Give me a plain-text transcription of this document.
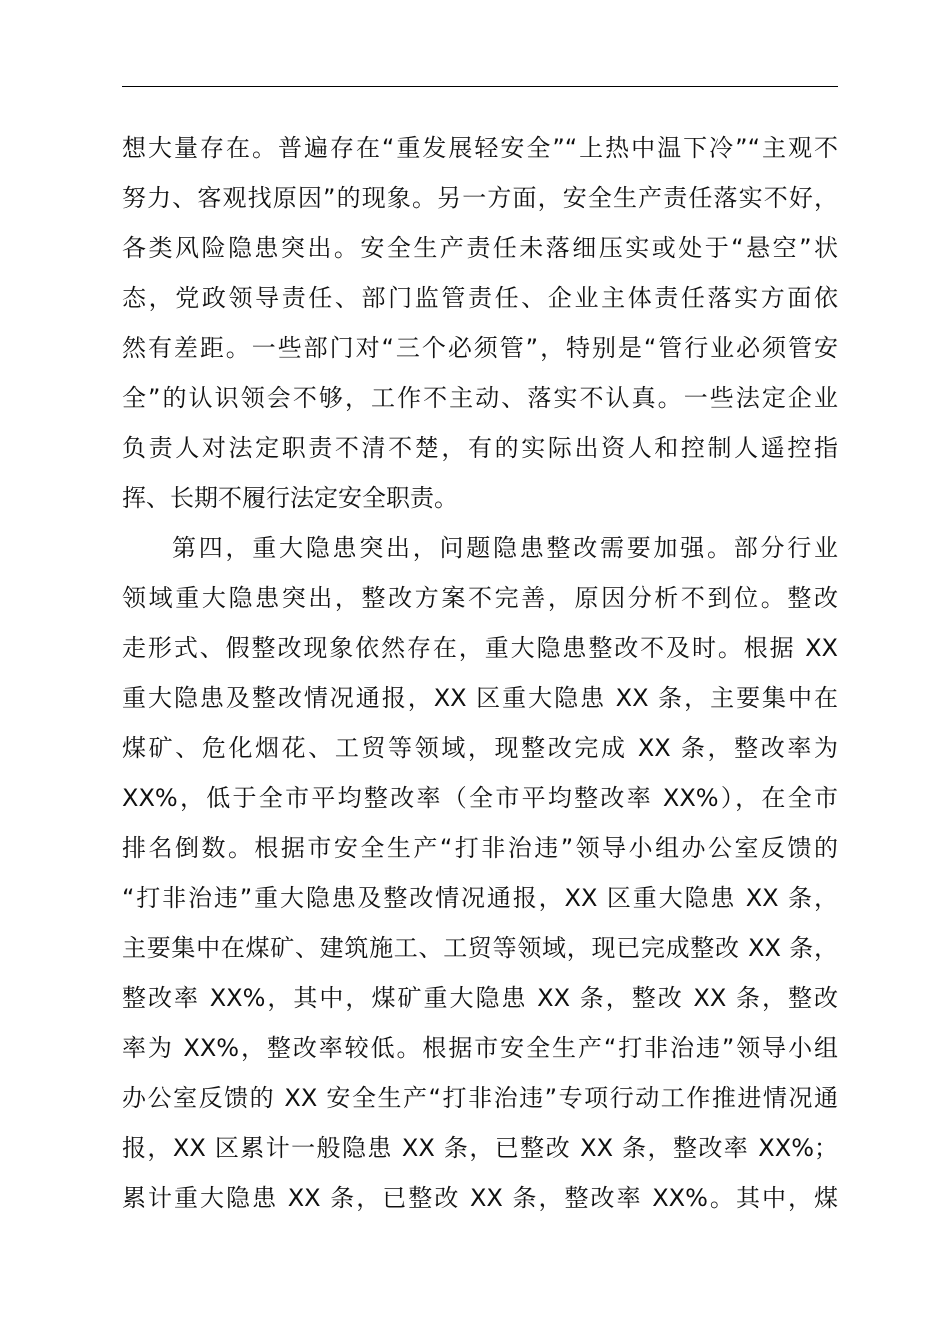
想大量存在。普遍存在“重发展轻安全”“上热中温下冷”“主观不
努力、客观找原因”的现象。另一方面，安全生产责任落实不好，
各类风险隐患突出。安全生产责任未落细压实或处于“悬空”状
态，党政领导责任、部门监管责任、企业主体责任落实方面依
然有差距。一些部门对“三个必须管”，特别是“管行业必须管安
全”的认识领会不够，工作不主动、落实不认真。一些法定企业
负责人对法定职责不清不楚，有的实际出资人和控制人遥控指
挥、长期不履行法定安全职责。
第四，重大隐患突出，问题隐患整改需要加强。部分行业
领域重大隐患突出，整改方案不完善，原因分析不到位。整改
走形式、假整改现象依然存在，重大隐患整改不及时。根据 XX
重大隐患及整改情况通报，XX 区重大隐患 XX 条，主要集中在
煤矿、危化烟花、工贸等领域，现整改完成 XX 条，整改率为
XX%，低于全市平均整改率（全市平均整改率 XX%），在全市
排名倒数。根据市安全生产“打非治违”领导小组办公室反馈的
“打非治违”重大隐患及整改情况通报，XX 区重大隐患 XX 条，
主要集中在煤矿、建筑施工、工贸等领域，现已完成整改 XX 条，
整改率 XX%，其中，煤矿重大隐患 XX 条，整改 XX 条，整改
率为 XX%，整改率较低。根据市安全生产“打非治违”领导小组
办公室反馈的 XX 安全生产“打非治违”专项行动工作推进情况通
报，XX 区累计一般隐患 XX 条，已整改 XX 条，整改率 XX%；
累计重大隐患 XX 条，已整改 XX 条，整改率 XX%。其中，煤
